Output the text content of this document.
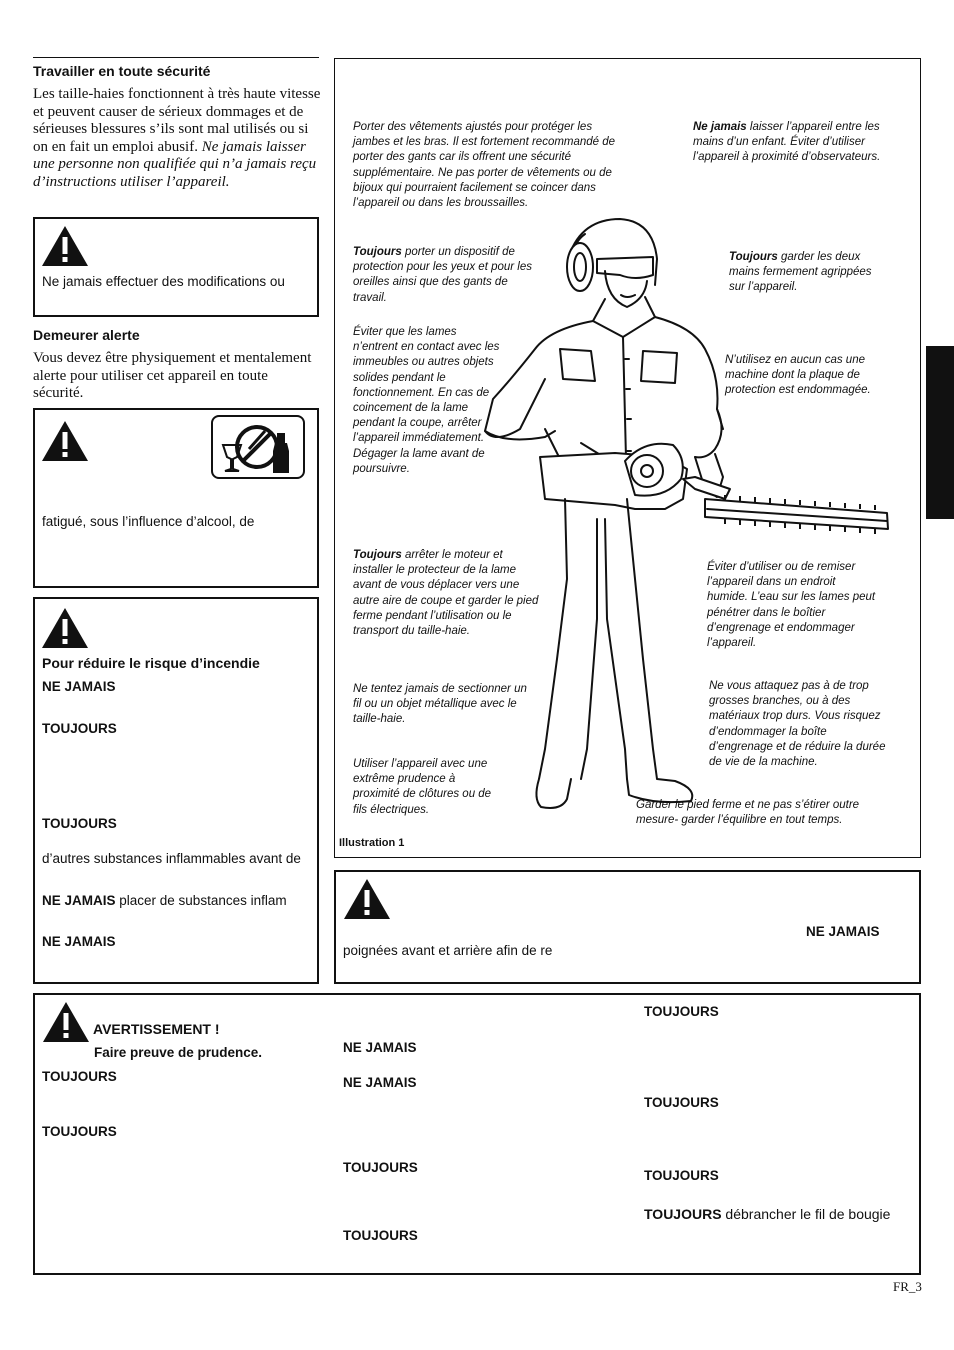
Travailler en toute sécurité
Les taille-haies fonctionnent à très haute vitesse et peuvent causer de sérieux dommages et de sérieuses blessures s’ils sont mal utilisés ou si on en fait un emploi abusif. Ne jamais laisser une personne non qualifiée qui n’a jamais reçu d’instructions utiliser l’appareil.
Ne jamais effectuer des modifications ou
Demeurer alerte
Vous devez être physiquement et mentalement alerte pour utiliser cet appareil en toute sécurité.
fatigué, sous l’influence d’alcool, de
Pour réduire le risque d’incendie
NE JAMAIS
TOUJOURS
TOUJOURS
d’autres substances inflammables avant de
NE JAMAIS placer de substances inflam
NE JAMAIS
Porter des vêtements ajustés pour protéger les jambes et les bras. Il est fortement recommandé de porter des gants car ils offrent une sécurité supplémentaire. Ne pas porter de vêtements ou de bijoux qui pourraient facilement se coincer dans l’appareil ou dans les broussailles.
Ne jamais laisser l’appareil entre les mains d’un enfant. Éviter d’utiliser l’appareil à proximité d’observateurs.
Toujours porter un dispositif de protection pour les yeux et pour les oreilles ainsi que des gants de travail.
Toujours garder les deux mains fermement agrippées sur l’appareil.
Éviter que les lames n’entrent en contact avec les immeubles ou autres objets solides pendant le fonctionnement. En cas de coincement de la lame pendant la coupe, arrêter l’appareil immédiatement. Dégager la lame avant de poursuivre.
N’utilisez en aucun cas une machine dont la plaque de protection est endommagée.
Toujours arrêter le moteur et installer le protecteur de la lame avant de vous déplacer vers une autre aire de coupe et garder le pied ferme pendant l’utilisation ou le transport du taille-haie.
Éviter d’utiliser ou de remiser l’appareil dans un endroit humide. L’eau sur les lames peut pénétrer dans le boîtier d’engrenage et endommager l’appareil.
Ne tentez jamais de sectionner un fil ou un objet métallique avec le taille-haie.
Ne vous attaquez pas à de trop grosses branches, ou à des matériaux trop durs. Vous risquez d’endommager la boîte d’engrenage et de réduire la durée de vie de la machine.
Utiliser l’appareil avec une extrême prudence à proximité de clôtures ou de fils électriques.	Garder le pied ferme et ne pas s’étirer outre mesure- garder l’équilibre en tout temps.
Illustration 1
NE JAMAIS
poignées avant et arrière afin de re
AVERTISSEMENT !
Faire preuve de prudence.
TOUJOURS
TOUJOURS
NE JAMAIS
NE JAMAIS
TOUJOURS
TOUJOURS
TOUJOURS
TOUJOURS
TOUJOURS
TOUJOURS débrancher le fil de bougie
FR_3
